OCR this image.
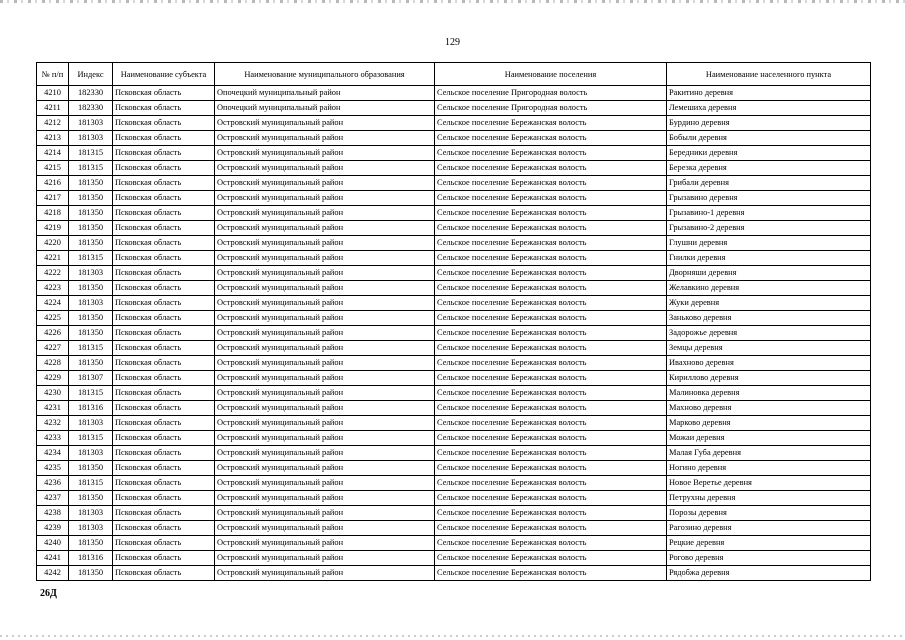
129
№ п/п	Индекс	Наименование субъекта	Наименование муниципального образования	Наименование поселения	Наименование населенного пункта
4210	182330	Псковская область	Опочецкий муниципальный район	Сельское поселение Пригородная волость	Ракитино деревня
4211	182330	Псковская область	Опочецкий муниципальный район	Сельское поселение Пригородная волость	Лемешиха деревня
4212	181303	Псковская область	Островский муниципальный район	Сельское поселение Бережанская волость	Бурдино деревня
4213	181303	Псковская область	Островский муниципальный район	Сельское поселение Бережанская волость	Бобыли деревня
4214	181315	Псковская область	Островский муниципальный район	Сельское поселение Бережанская волость	Бередники деревня
4215	181315	Псковская область	Островский муниципальный район	Сельское поселение Бережанская волость	Березка деревня
4216	181350	Псковская область	Островский муниципальный район	Сельское поселение Бережанская волость	Грибали деревня
4217	181350	Псковская область	Островский муниципальный район	Сельское поселение Бережанская волость	Грызавино деревня
4218	181350	Псковская область	Островский муниципальный район	Сельское поселение Бережанская волость	Грызавино-1 деревня
4219	181350	Псковская область	Островский муниципальный район	Сельское поселение Бережанская волость	Грызавино-2 деревня
4220	181350	Псковская область	Островский муниципальный район	Сельское поселение Бережанская волость	Глушни деревня
4221	181315	Псковская область	Островский муниципальный район	Сельское поселение Бережанская волость	Гнилки деревня
4222	181303	Псковская область	Островский муниципальный район	Сельское поселение Бережанская волость	Дворняши деревня
4223	181350	Псковская область	Островский муниципальный район	Сельское поселение Бережанская волость	Желавкино деревня
4224	181303	Псковская область	Островский муниципальный район	Сельское поселение Бережанская волость	Жуки деревня
4225	181350	Псковская область	Островский муниципальный район	Сельское поселение Бережанская волость	Заньково деревня
4226	181350	Псковская область	Островский муниципальный район	Сельское поселение Бережанская волость	Задорожье деревня
4227	181315	Псковская область	Островский муниципальный район	Сельское поселение Бережанская волость	Земцы деревня
4228	181350	Псковская область	Островский муниципальный район	Сельское поселение Бережанская волость	Ивахново деревня
4229	181307	Псковская область	Островский муниципальный район	Сельское поселение Бережанская волость	Кириллово деревня
4230	181315	Псковская область	Островский муниципальный район	Сельское поселение Бережанская волость	Малиновка деревня
4231	181316	Псковская область	Островский муниципальный район	Сельское поселение Бережанская волость	Махново деревня
4232	181303	Псковская область	Островский муниципальный район	Сельское поселение Бережанская волость	Марково деревня
4233	181315	Псковская область	Островский муниципальный район	Сельское поселение Бережанская волость	Можаи деревня
4234	181303	Псковская область	Островский муниципальный район	Сельское поселение Бережанская волость	Малая Губа деревня
4235	181350	Псковская область	Островский муниципальный район	Сельское поселение Бережанская волость	Ногино деревня
4236	181315	Псковская область	Островский муниципальный район	Сельское поселение Бережанская волость	Новое Веретье деревня
4237	181350	Псковская область	Островский муниципальный район	Сельское поселение Бережанская волость	Петрухны деревня
4238	181303	Псковская область	Островский муниципальный район	Сельское поселение Бережанская волость	Порозы деревня
4239	181303	Псковская область	Островский муниципальный район	Сельское поселение Бережанская волость	Рагозино деревня
4240	181350	Псковская область	Островский муниципальный район	Сельское поселение Бережанская волость	Рецкие деревня
4241	181316	Псковская область	Островский муниципальный район	Сельское поселение Бережанская волость	Рогово деревня
4242	181350	Псковская область	Островский муниципальный район	Сельское поселение Бережанская волость	Рядобжа деревня
26Д
